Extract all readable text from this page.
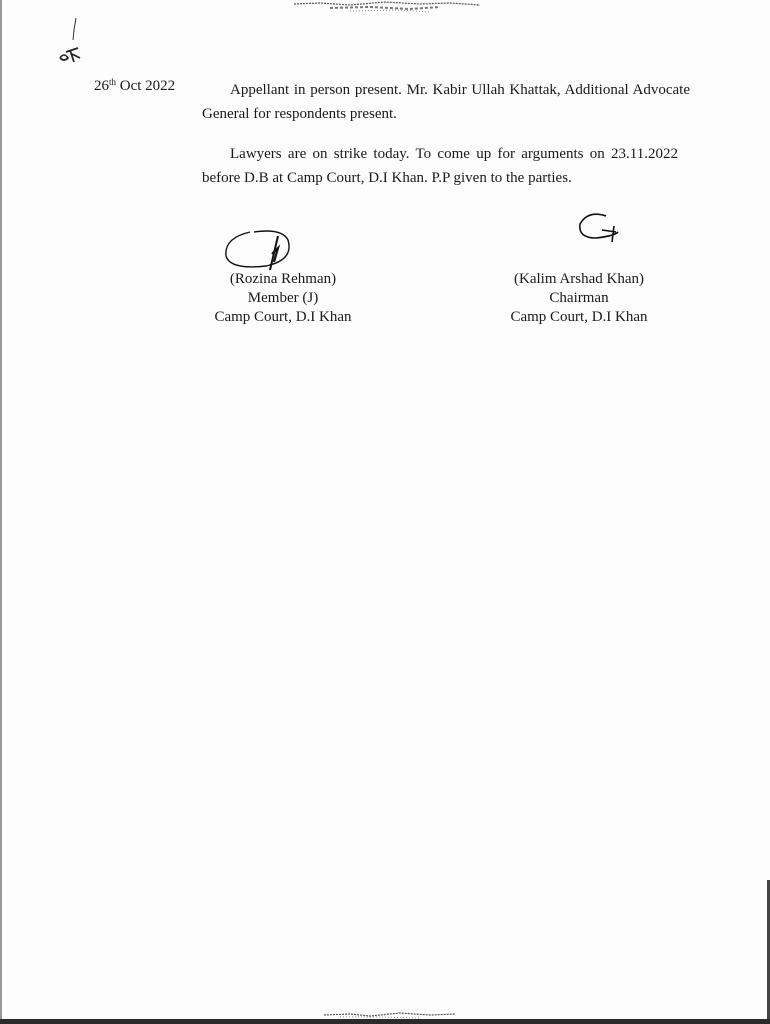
26th Oct 2022	Appellant in person present. Mr. Kabir Ullah Khattak, Additional Advocate General for respondents present.
Lawyers are on strike today. To come up for arguments on 23.11.2022 before D.B at Camp Court, D.I Khan. P.P given to the parties.
(Rozina Rehman)
Member (J)
Camp Court, D.I Khan
(Kalim Arshad Khan)
Chairman
Camp Court, D.I Khan
